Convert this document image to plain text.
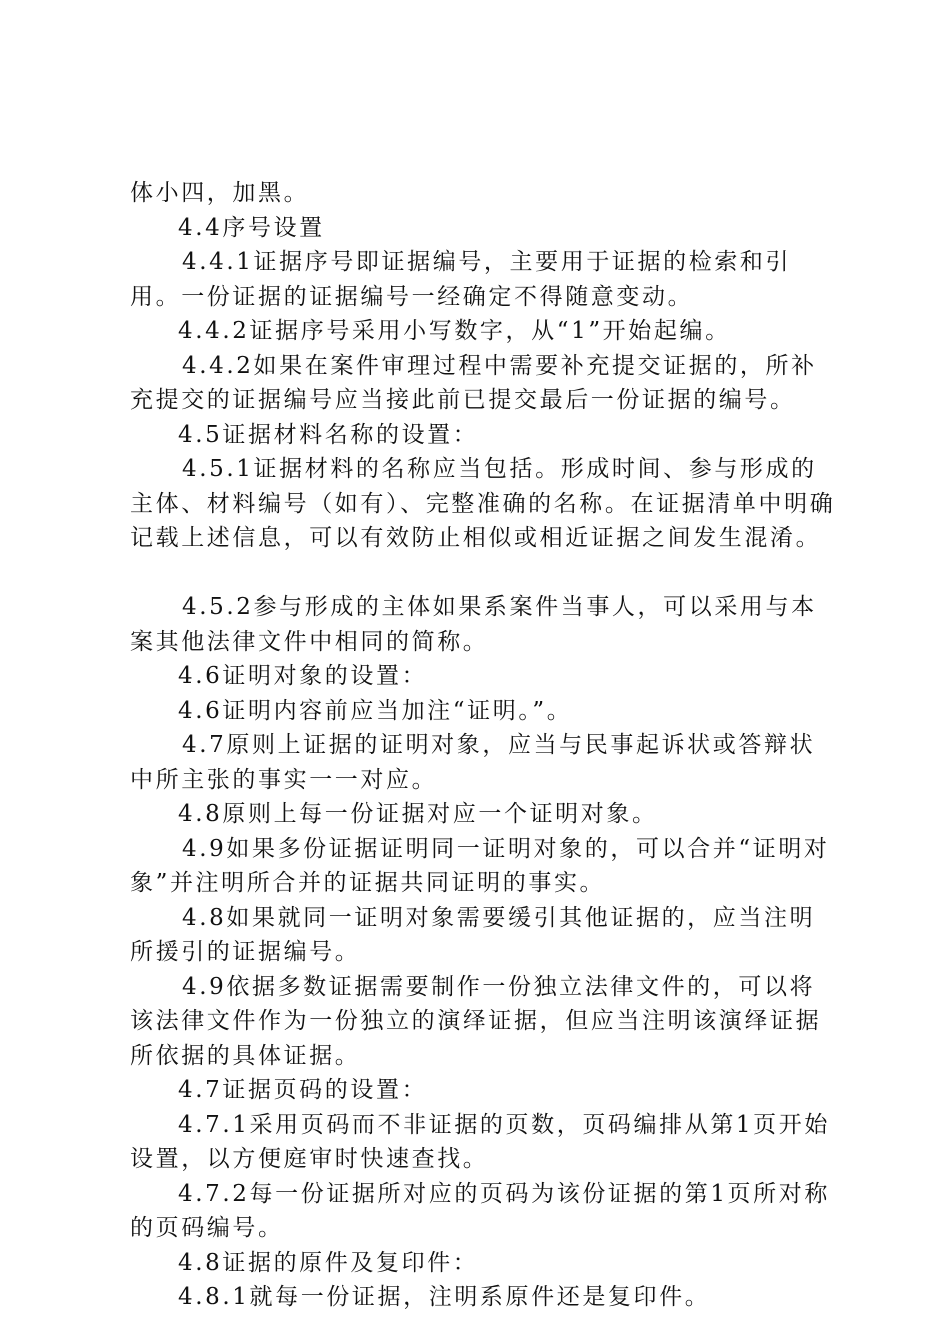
体小四，加黑。

4.4序号设置

4.4.1证据序号即证据编号，主要用于证据的检索和引用。一份证据的证据编号一经确定不得随意变动。

4.4.2证据序号采用小写数字，从“1”开始起编。

4.4.2如果在案件审理过程中需要补充提交证据的，所补充提交的证据编号应当接此前已提交最后一份证据的编号。

4.5证据材料名称的设置：

4.5.1证据材料的名称应当包括。形成时间、参与形成的主体、材料编号（如有）、完整准确的名称。在证据清单中明确记载上述信息，可以有效防止相似或相近证据之间发生混淆。

4.5.2参与形成的主体如果系案件当事人，可以采用与本案其他法律文件中相同的简称。

4.6证明对象的设置：

4.6证明内容前应当加注“证明。”。

4.7原则上证据的证明对象，应当与民事起诉状或答辩状中所主张的事实一一对应。

4.8原则上每一份证据对应一个证明对象。

4.9如果多份证据证明同一证明对象的，可以合并“证明对象”并注明所合并的证据共同证明的事实。

4.8如果就同一证明对象需要缓引其他证据的，应当注明所援引的证据编号。

4.9依据多数证据需要制作一份独立法律文件的，可以将该法律文件作为一份独立的演绎证据，但应当注明该演绎证据所依据的具体证据。

4.7证据页码的设置：

4.7.1采用页码而不非证据的页数，页码编排从第1页开始设置，以方便庭审时快速查找。

4.7.2每一份证据所对应的页码为该份证据的第1页所对称的页码编号。

4.8证据的原件及复印件：

4.8.1就每一份证据，注明系原件还是复印件。
